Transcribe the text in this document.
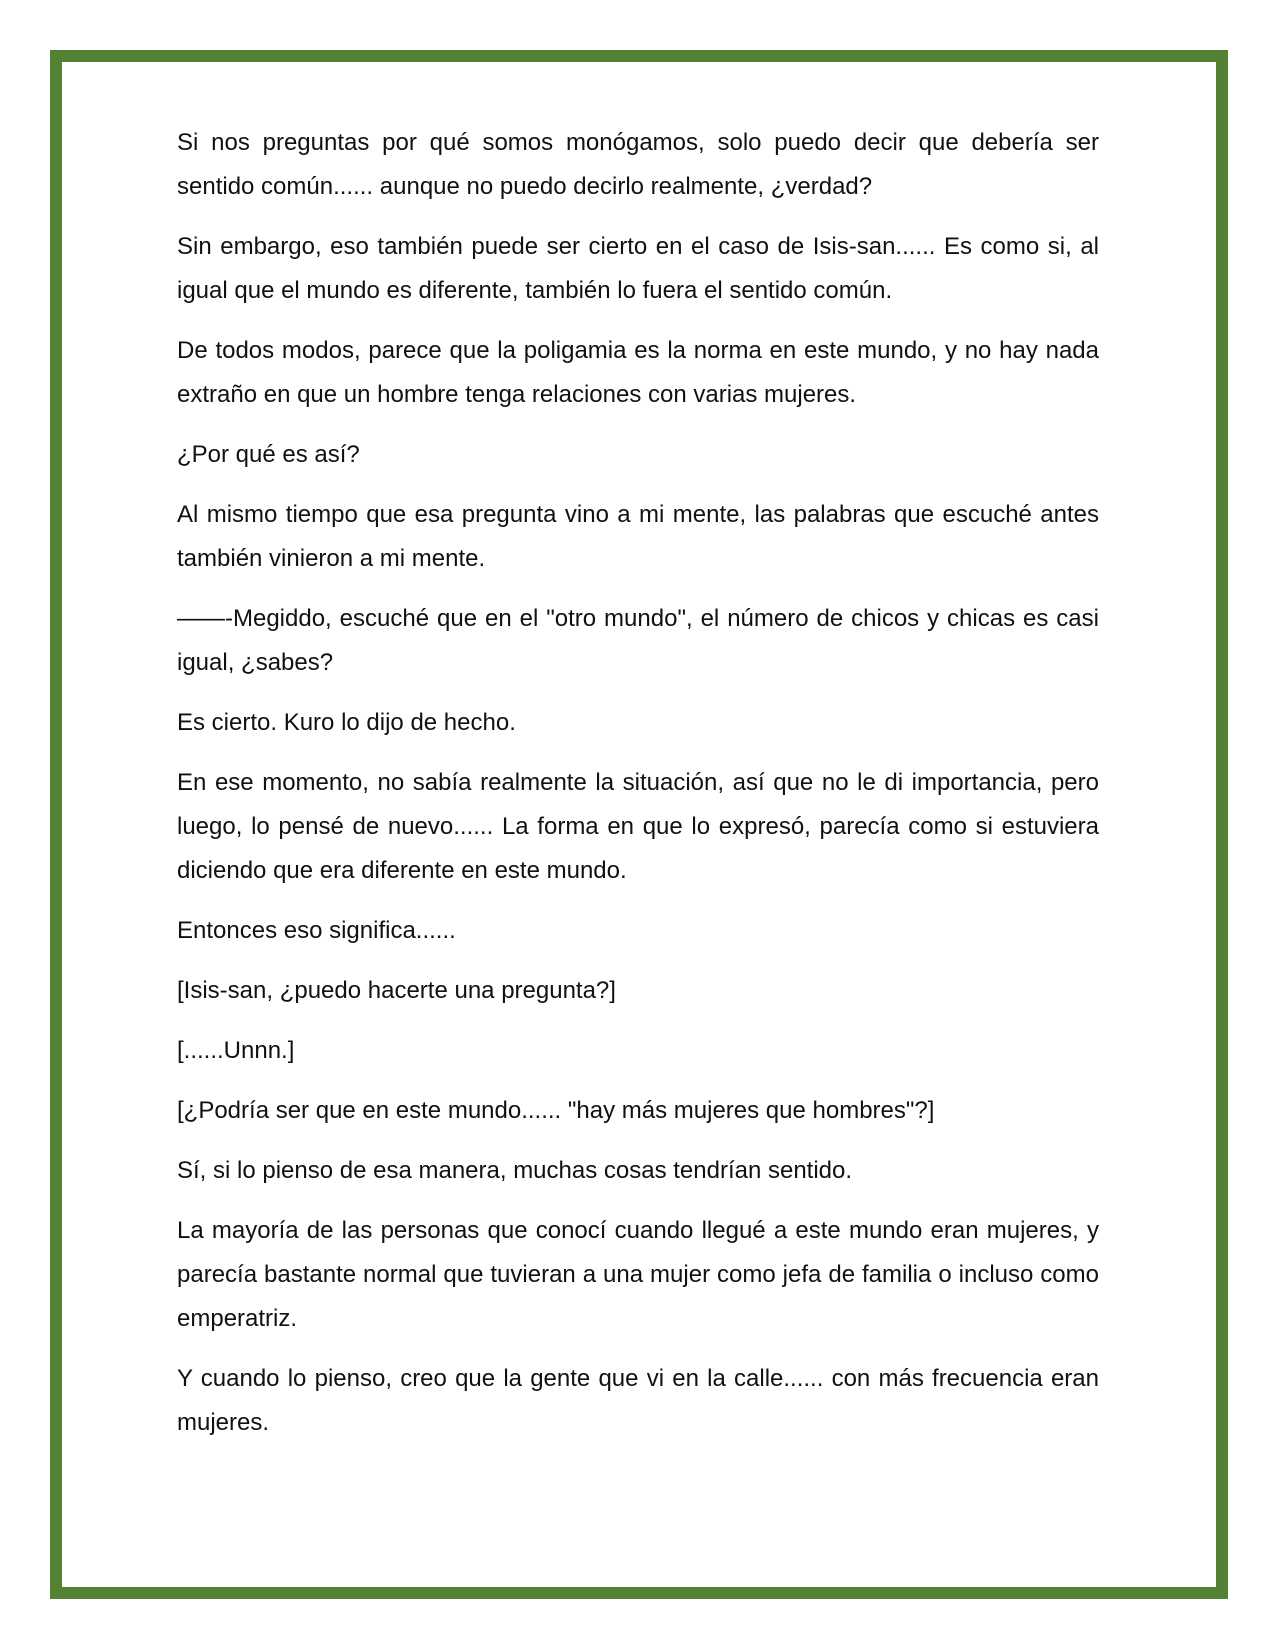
Si nos preguntas por qué somos monógamos, solo puedo decir que debería ser sentido común...... aunque no puedo decirlo realmente, ¿verdad?

Sin embargo, eso también puede ser cierto en el caso de Isis-san...... Es como si, al igual que el mundo es diferente, también lo fuera el sentido común.

De todos modos, parece que la poligamia es la norma en este mundo, y no hay nada extraño en que un hombre tenga relaciones con varias mujeres.

¿Por qué es así?

Al mismo tiempo que esa pregunta vino a mi mente, las palabras que escuché antes también vinieron a mi mente.

——-Megiddo, escuché que en el "otro mundo", el número de chicos y chicas es casi igual, ¿sabes?

Es cierto. Kuro lo dijo de hecho.

En ese momento, no sabía realmente la situación, así que no le di importancia, pero luego, lo pensé de nuevo...... La forma en que lo expresó, parecía como si estuviera diciendo que era diferente en este mundo.

Entonces eso significa......

[Isis-san, ¿puedo hacerte una pregunta?]

[......Unnn.]

[¿Podría ser que en este mundo...... "hay más mujeres que hombres"?]

Sí, si lo pienso de esa manera, muchas cosas tendrían sentido.

La mayoría de las personas que conocí cuando llegué a este mundo eran mujeres, y parecía bastante normal que tuvieran a una mujer como jefa de familia o incluso como emperatriz.

Y cuando lo pienso, creo que la gente que vi en la calle...... con más frecuencia eran mujeres.
